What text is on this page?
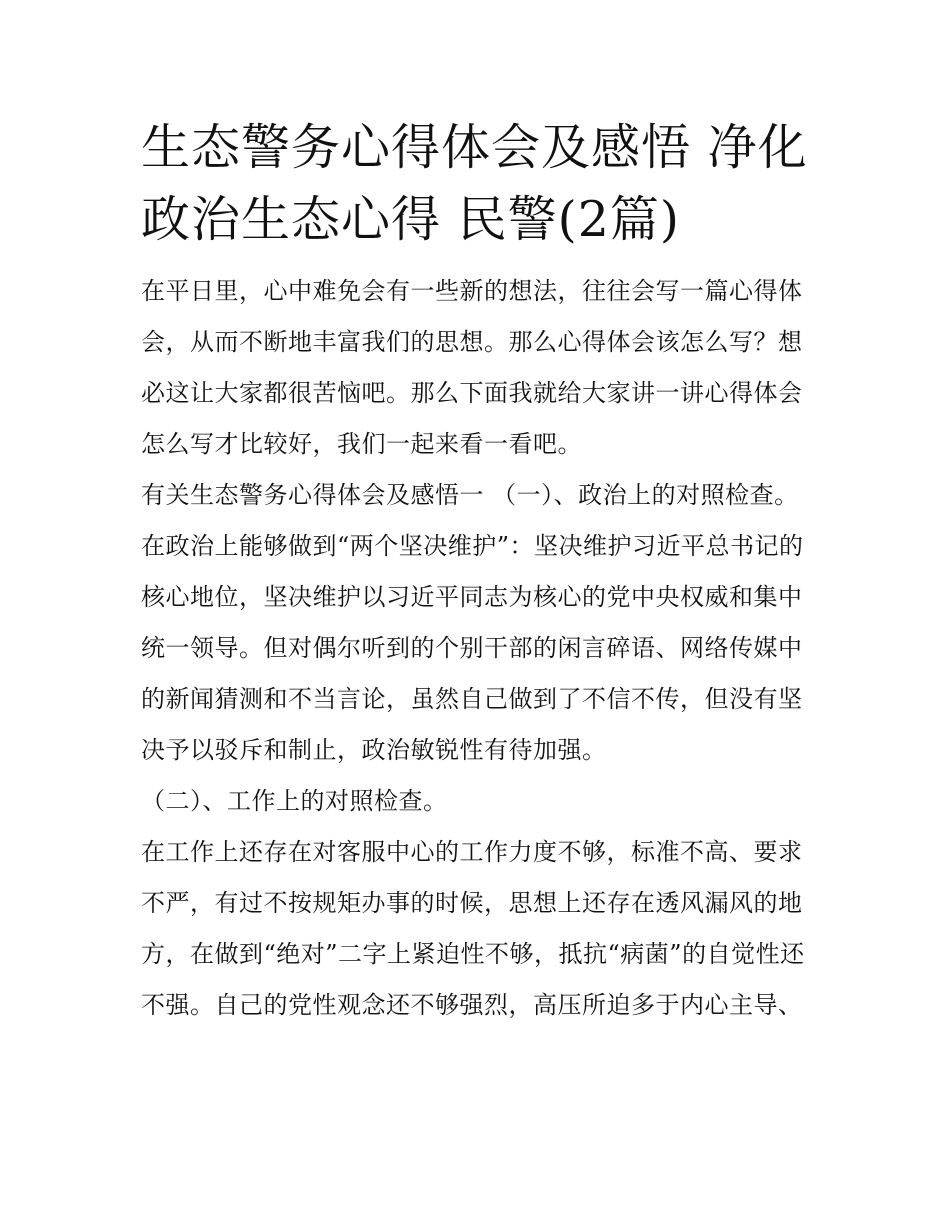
生态警务心得体会及感悟 净化
政治生态心得 民警(2篇)

在平日里，心中难免会有一些新的想法，往往会写一篇心得体会，从而不断地丰富我们的思想。那么心得体会该怎么写？想必这让大家都很苦恼吧。那么下面我就给大家讲一讲心得体会怎么写才比较好，我们一起来看一看吧。

有关生态警务心得体会及感悟一 （一）、政治上的对照检查。

在政治上能够做到“两个坚决维护”：坚决维护习近平总书记的核心地位，坚决维护以习近平同志为核心的党中央权威和集中统一领导。但对偶尔听到的个别干部的闲言碎语、网络传媒中的新闻猜测和不当言论，虽然自己做到了不信不传，但没有坚决予以驳斥和制止，政治敏锐性有待加强。

（二）、工作上的对照检查。

在工作上还存在对客服中心的工作力度不够，标准不高、要求不严，有过不按规矩办事的时候，思想上还存在透风漏风的地方，在做到“绝对”二字上紧迫性不够，抵抗“病菌”的自觉性还不强。自己的党性观念还不够强烈，高压所迫多于内心主导、
